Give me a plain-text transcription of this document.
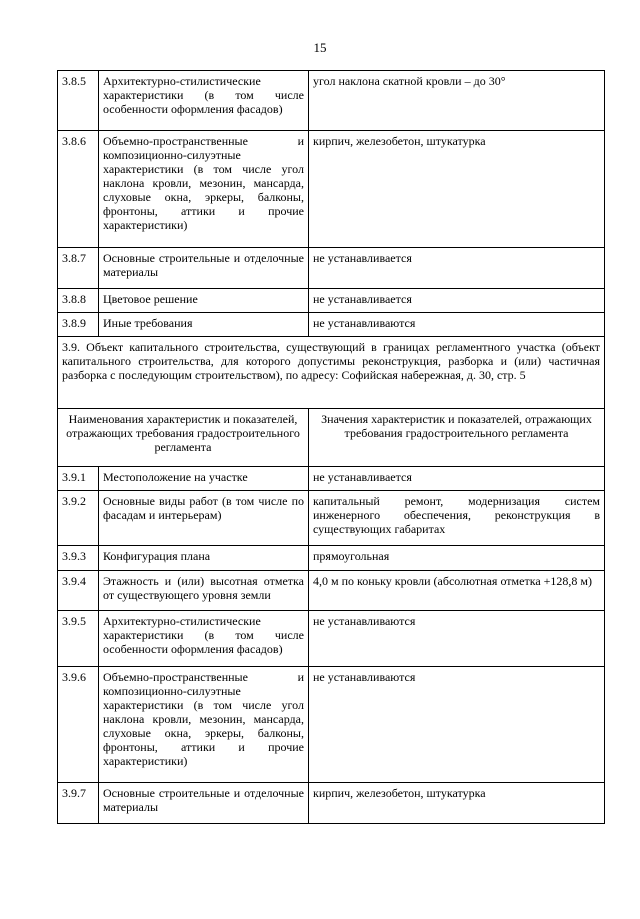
15
3.8.5	Архитектурно-стилистические характеристики (в том числе особенности оформления фасадов)	угол наклона скатной кровли – до 30°
3.8.6	Объемно-пространственные и композиционно-силуэтные характеристики (в том числе угол наклона кровли, мезонин, мансарда, слуховые окна, эркеры, балконы, фронтоны, аттики и прочие характеристики)	кирпич, железобетон, штукатурка
3.8.7	Основные строительные и отделочные материалы	не устанавливается
3.8.8	Цветовое решение	не устанавливается
3.8.9	Иные требования	не устанавливаются
3.9. Объект капитального строительства, существующий в границах регламентного участка (объект капитального строительства, для которого допустимы реконструкция, разборка и (или) частичная разборка с последующим строительством), по адресу: Софийская набережная, д. 30, стр. 5		
Наименования характеристик и показателей, отражающих требования градостроительного регламента		Значения характеристик и показателей, отражающих требования градостроительного регламента
3.9.1	Местоположение на участке	не устанавливается
3.9.2	Основные виды работ (в том числе по фасадам и интерьерам)	капитальный ремонт, модернизация систем инженерного обеспечения, реконструкция в существующих габаритах
3.9.3	Конфигурация плана	прямоугольная
3.9.4	Этажность и (или) высотная отметка от существующего уровня земли	4,0 м по коньку кровли (абсолютная отметка +128,8 м)
3.9.5	Архитектурно-стилистические характеристики (в том числе особенности оформления фасадов)	не устанавливаются
3.9.6	Объемно-пространственные и композиционно-силуэтные характеристики (в том числе угол наклона кровли, мезонин, мансарда, слуховые окна, эркеры, балконы, фронтоны, аттики и прочие характеристики)	не устанавливаются
3.9.7	Основные строительные и отделочные материалы	кирпич, железобетон, штукатурка
